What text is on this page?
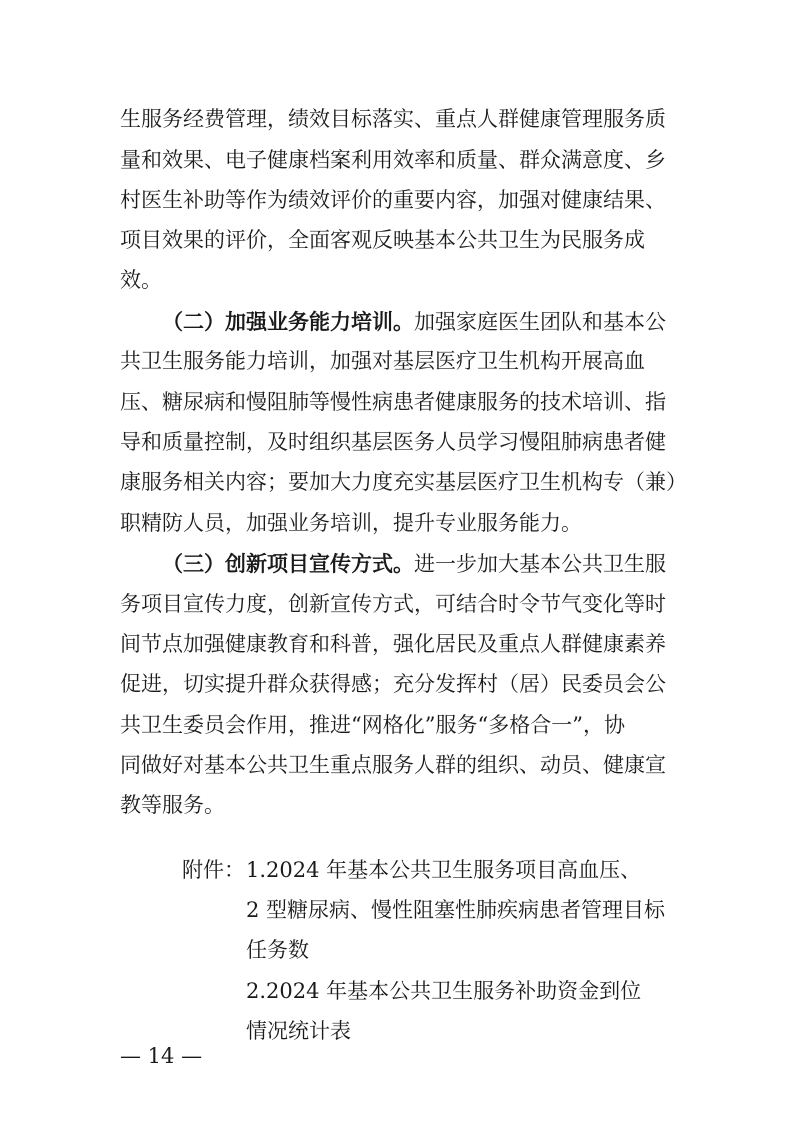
生服务经费管理，绩效目标落实、重点人群健康管理服务质

量和效果、电子健康档案利用效率和质量、群众满意度、乡

村医生补助等作为绩效评价的重要内容，加强对健康结果、

项目效果的评价，全面客观反映基本公共卫生为民服务成

效。

（二）加强业务能力培训。加强家庭医生团队和基本公

共卫生服务能力培训，加强对基层医疗卫生机构开展高血

压、糖尿病和慢阻肺等慢性病患者健康服务的技术培训、指

导和质量控制，及时组织基层医务人员学习慢阻肺病患者健

康服务相关内容；要加大力度充实基层医疗卫生机构专（兼）

职精防人员，加强业务培训，提升专业服务能力。

（三）创新项目宣传方式。进一步加大基本公共卫生服

务项目宣传力度，创新宣传方式，可结合时令节气变化等时

间节点加强健康教育和科普，强化居民及重点人群健康素养

促进，切实提升群众获得感；充分发挥村（居）民委员会公

共卫生委员会作用，推进“网格化”服务“多格合一”，协

同做好对基本公共卫生重点服务人群的组织、动员、健康宣

教等服务。

附件： 1.2024 年基本公共卫生服务项目高血压、

2 型糖尿病、慢性阻塞性肺疾病患者管理目标

任务数

2.2024 年基本公共卫生服务补助资金到位

情况统计表

— 14 —
